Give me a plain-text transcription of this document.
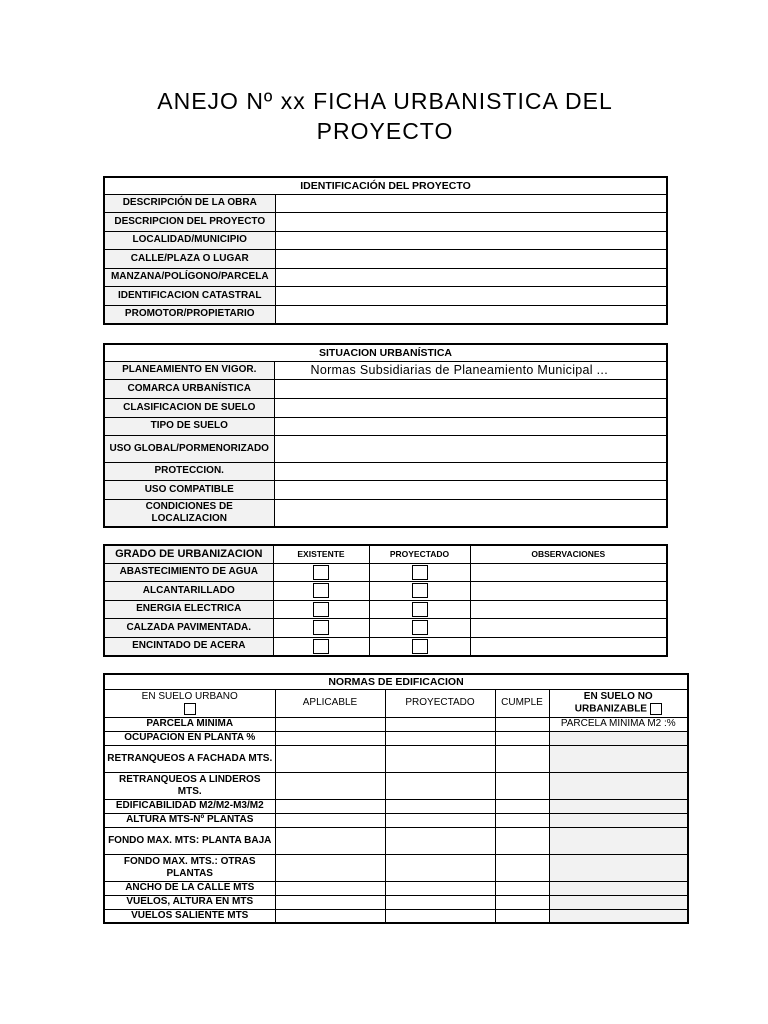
ANEJO Nº xx FICHA URBANISTICA DEL
PROYECTO
IDENTIFICACIÓN DEL PROYECTO	
DESCRIPCIÓN DE LA OBRA	
DESCRIPCION DEL PROYECTO	
LOCALIDAD/MUNICIPIO	
CALLE/PLAZA O LUGAR	
MANZANA/POLÍGONO/PARCELA	
IDENTIFICACION CATASTRAL	
PROMOTOR/PROPIETARIO	
SITUACION URBANÍSTICA	
PLANEAMIENTO EN VIGOR.	Normas Subsidiarias de Planeamiento Municipal ...
COMARCA URBANÍSTICA	
CLASIFICACION DE SUELO	
TIPO DE SUELO	
USO GLOBAL/PORMENORIZADO	
PROTECCION.	
USO COMPATIBLE	
CONDICIONES DE LOCALIZACION	
GRADO DE URBANIZACION	EXISTENTE	PROYECTADO	OBSERVACIONES
ABASTECIMIENTO DE AGUA			
ALCANTARILLADO			
ENERGIA ELECTRICA			
CALZADA PAVIMENTADA.			
ENCINTADO DE ACERA			
NORMAS DE EDIFICACION				

EN SUELO URBANO	APLICABLE	PROYECTADO	CUMPLE	EN SUELO NO
URBANIZABLE

PARCELA MINIMA				PARCELA MINIMA M2 :%
OCUPACION EN PLANTA %				
RETRANQUEOS A FACHADA MTS.				
RETRANQUEOS A LINDEROS MTS.				
EDIFICABILIDAD M2/M2-M3/M2				
ALTURA MTS-Nº PLANTAS				
FONDO MAX. MTS: PLANTA BAJA				
FONDO MAX. MTS.: OTRAS PLANTAS				
ANCHO DE LA CALLE MTS				
VUELOS, ALTURA EN MTS				
VUELOS SALIENTE MTS				
